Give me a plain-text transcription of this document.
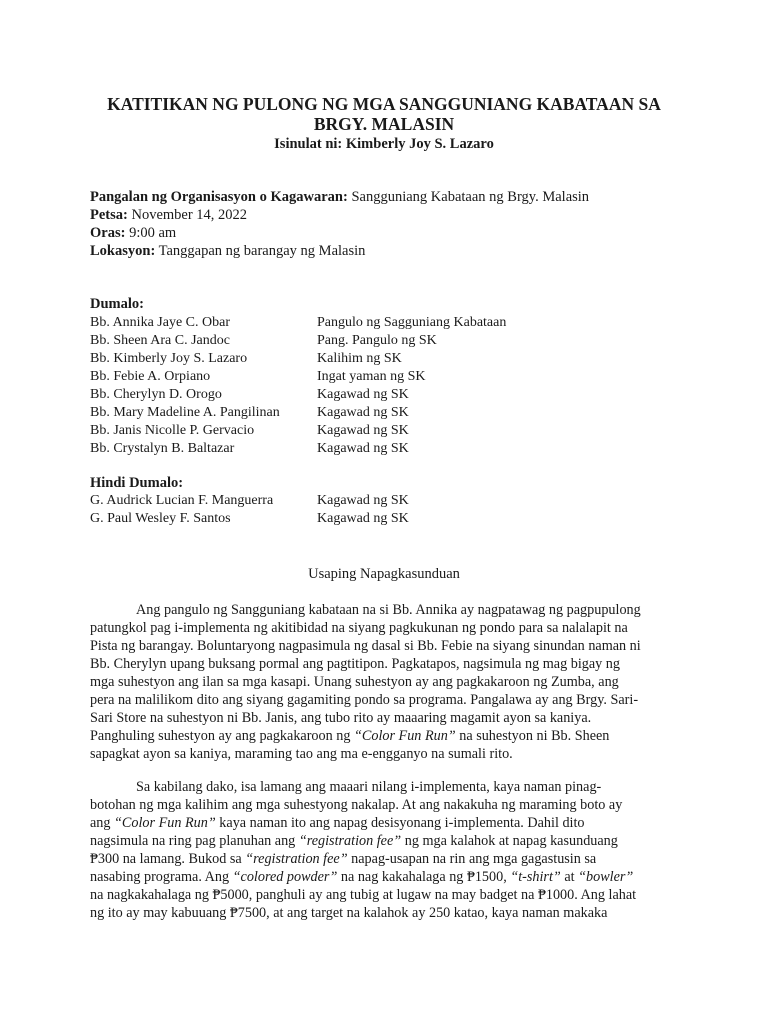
KATITIKAN NG PULONG NG MGA SANGGUNIANG KABATAAN SA
BRGY. MALASIN
Isinulat ni: Kimberly Joy S. Lazaro
Pangalan ng Organisasyon o Kagawaran: Sangguniang Kabataan ng Brgy. Malasin
Petsa: November 14, 2022
Oras: 9:00 am
Lokasyon: Tanggapan ng barangay ng Malasin
Dumalo:
Bb. Annika Jaye C. Obar	Pangulo ng Sagguniang Kabataan
Bb. Sheen Ara C. Jandoc	Pang. Pangulo ng SK
Bb. Kimberly Joy S. Lazaro	Kalihim ng SK
Bb. Febie A. Orpiano	Ingat yaman ng SK
Bb. Cherylyn D. Orogo	Kagawad ng SK
Bb. Mary Madeline A. Pangilinan	Kagawad ng SK
Bb. Janis Nicolle P. Gervacio	Kagawad ng SK
Bb. Crystalyn B. Baltazar	Kagawad ng SK
Hindi Dumalo:
G. Audrick Lucian F. Manguerra	Kagawad ng SK
G. Paul Wesley F. Santos	Kagawad ng SK
Usaping Napagkasunduan
Ang pangulo ng Sangguniang kabataan na si Bb. Annika ay nagpatawag ng pagpupulong
patungkol pag i-implementa ng akitibidad na siyang pagkukunan ng pondo para sa nalalapit na
Pista ng barangay. Boluntaryong nagpasimula ng dasal si Bb. Febie na siyang sinundan naman ni
Bb. Cherylyn upang buksang pormal ang pagtitipon. Pagkatapos, nagsimula ng mag bigay ng
mga suhestyon ang ilan sa mga kasapi. Unang suhestyon ay ang pagkakaroon ng Zumba, ang
pera na malilikom dito ang siyang gagamiting pondo sa programa. Pangalawa ay ang Brgy. Sari-
Sari Store na suhestyon ni Bb. Janis, ang tubo rito ay maaaring magamit ayon sa kaniya.
Panghuling suhestyon ay ang pagkakaroon ng “Color Fun Run” na suhestyon ni Bb. Sheen
sapagkat ayon sa kaniya, maraming tao ang ma e-engganyo na sumali rito.
Sa kabilang dako, isa lamang ang maaari nilang i-implementa, kaya naman pinag-
botohan ng mga kalihim ang mga suhestyong nakalap. At ang nakakuha ng maraming boto ay
ang “Color Fun Run” kaya naman ito ang napag desisyonang i-implementa. Dahil dito
nagsimula na ring pag planuhan ang “registration fee” ng mga kalahok at napag kasunduang
₱300 na lamang. Bukod sa “registration fee” napag-usapan na rin ang mga gagastusin sa
nasabing programa. Ang “colored powder” na nag kakahalaga ng ₱1500, “t-shirt” at “bowler”
na nagkakahalaga ng ₱5000, panghuli ay ang tubig at lugaw na may badget na ₱1000. Ang lahat
ng ito ay may kabuuang ₱7500, at ang target na kalahok ay 250 katao, kaya naman makaka
